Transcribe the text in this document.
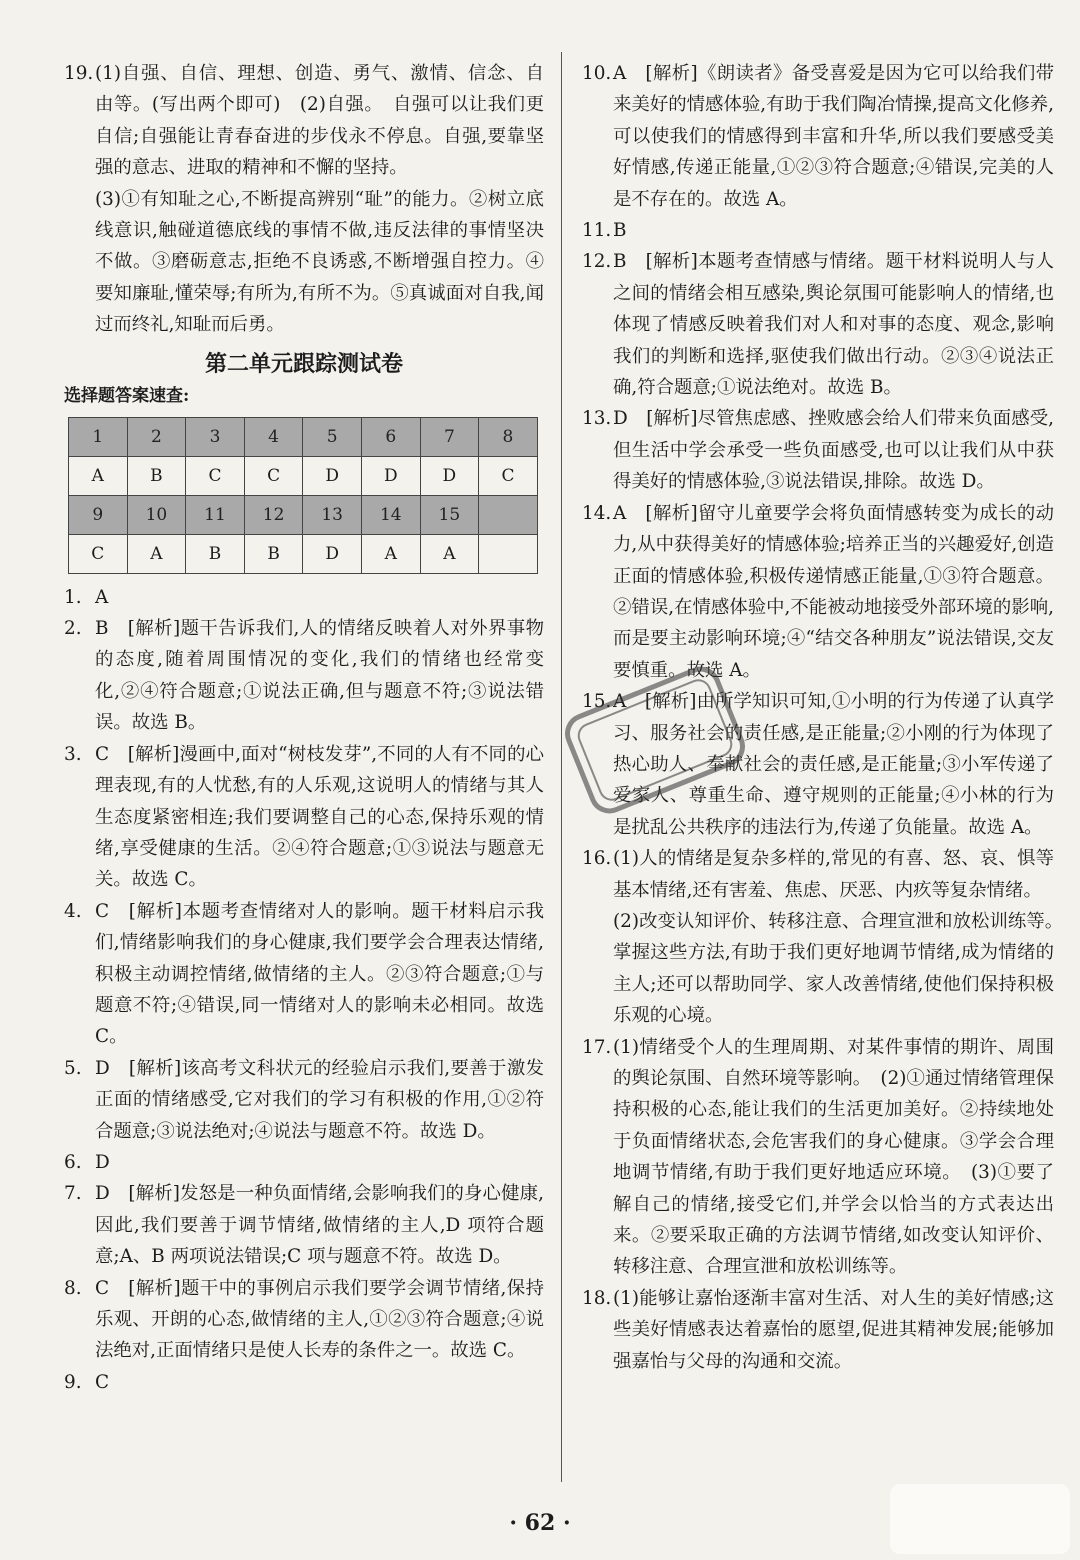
19.(1)自强、自信、理想、创造、勇气、激情、信念、自由等。(写出两个即可)　(2)自强。　自强可以让我们更自信;自强能让青春奋进的步伐永不停息。自强,要靠坚强的意志、进取的精神和不懈的坚持。
(3)①有知耻之心,不断提高辨别“耻”的能力。②树立底线意识,触碰道德底线的事情不做,违反法律的事情坚决不做。③磨砺意志,拒绝不良诱惑,不断增强自控力。④要知廉耻,懂荣辱;有所为,有所不为。⑤真诚面对自我,闻过而终礼,知耻而后勇。
第二单元跟踪测试卷
选择题答案速查:
1	2	3	4	5	6	7	8
A	B	C	C	D	D	D	C
9	10	11	12	13	14	15	
C	A	B	B	D	A	A	
1. A
2. B　[解析]题干告诉我们,人的情绪反映着人对外界事物的态度,随着周围情况的变化,我们的情绪也经常变化,②④符合题意;①说法正确,但与题意不符;③说法错误。故选 B。
3. C　[解析]漫画中,面对“树枝发芽”,不同的人有不同的心理表现,有的人忧愁,有的人乐观,这说明人的情绪与其人生态度紧密相连;我们要调整自己的心态,保持乐观的情绪,享受健康的生活。②④符合题意;①③说法与题意无关。故选 C。
4. C　[解析]本题考查情绪对人的影响。题干材料启示我们,情绪影响我们的身心健康,我们要学会合理表达情绪,积极主动调控情绪,做情绪的主人。②③符合题意;①与题意不符;④错误,同一情绪对人的影响未必相同。故选 C。
5. D　[解析]该高考文科状元的经验启示我们,要善于激发正面的情绪感受,它对我们的学习有积极的作用,①②符合题意;③说法绝对;④说法与题意不符。故选 D。
6. D
7. D　[解析]发怒是一种负面情绪,会影响我们的身心健康,因此,我们要善于调节情绪,做情绪的主人,D 项符合题意;A、B 两项说法错误;C 项与题意不符。故选 D。
8. C　[解析]题干中的事例启示我们要学会调节情绪,保持乐观、开朗的心态,做情绪的主人,①②③符合题意;④说法绝对,正面情绪只是使人长寿的条件之一。故选 C。
9. C
10.A　[解析]《朗读者》备受喜爱是因为它可以给我们带来美好的情感体验,有助于我们陶冶情操,提高文化修养,可以使我们的情感得到丰富和升华,所以我们要感受美好情感,传递正能量,①②③符合题意;④错误,完美的人是不存在的。故选 A。
11.B
12.B　[解析]本题考查情感与情绪。题干材料说明人与人之间的情绪会相互感染,舆论氛围可能影响人的情绪,也体现了情感反映着我们对人和对事的态度、观念,影响我们的判断和选择,驱使我们做出行动。②③④说法正确,符合题意;①说法绝对。故选 B。
13.D　[解析]尽管焦虑感、挫败感会给人们带来负面感受,但生活中学会承受一些负面感受,也可以让我们从中获得美好的情感体验,③说法错误,排除。故选 D。
14.A　[解析]留守儿童要学会将负面情感转变为成长的动力,从中获得美好的情感体验;培养正当的兴趣爱好,创造正面的情感体验,积极传递情感正能量,①③符合题意。②错误,在情感体验中,不能被动地接受外部环境的影响,而是要主动影响环境;④“结交各种朋友”说法错误,交友要慎重。故选 A。
15.A　[解析]由所学知识可知,①小明的行为传递了认真学习、服务社会的责任感,是正能量;②小刚的行为体现了热心助人、奉献社会的责任感,是正能量;③小军传递了爱家人、尊重生命、遵守规则的正能量;④小林的行为是扰乱公共秩序的违法行为,传递了负能量。故选 A。
16.(1)人的情绪是复杂多样的,常见的有喜、怒、哀、惧等基本情绪,还有害羞、焦虑、厌恶、内疚等复杂情绪。
(2)改变认知评价、转移注意、合理宣泄和放松训练等。　掌握这些方法,有助于我们更好地调节情绪,成为情绪的主人;还可以帮助同学、家人改善情绪,使他们保持积极乐观的心境。
17.(1)情绪受个人的生理周期、对某件事情的期许、周围的舆论氛围、自然环境等影响。　(2)①通过情绪管理保持积极的心态,能让我们的生活更加美好。②持续地处于负面情绪状态,会危害我们的身心健康。③学会合理地调节情绪,有助于我们更好地适应环境。　(3)①要了解自己的情绪,接受它们,并学会以恰当的方式表达出来。②要采取正确的方法调节情绪,如改变认知评价、转移注意、合理宣泄和放松训练等。
18.(1)能够让嘉怡逐渐丰富对生活、对人生的美好情感;这些美好情感表达着嘉怡的愿望,促进其精神发展;能够加强嘉怡与父母的沟通和交流。
· 62 ·
